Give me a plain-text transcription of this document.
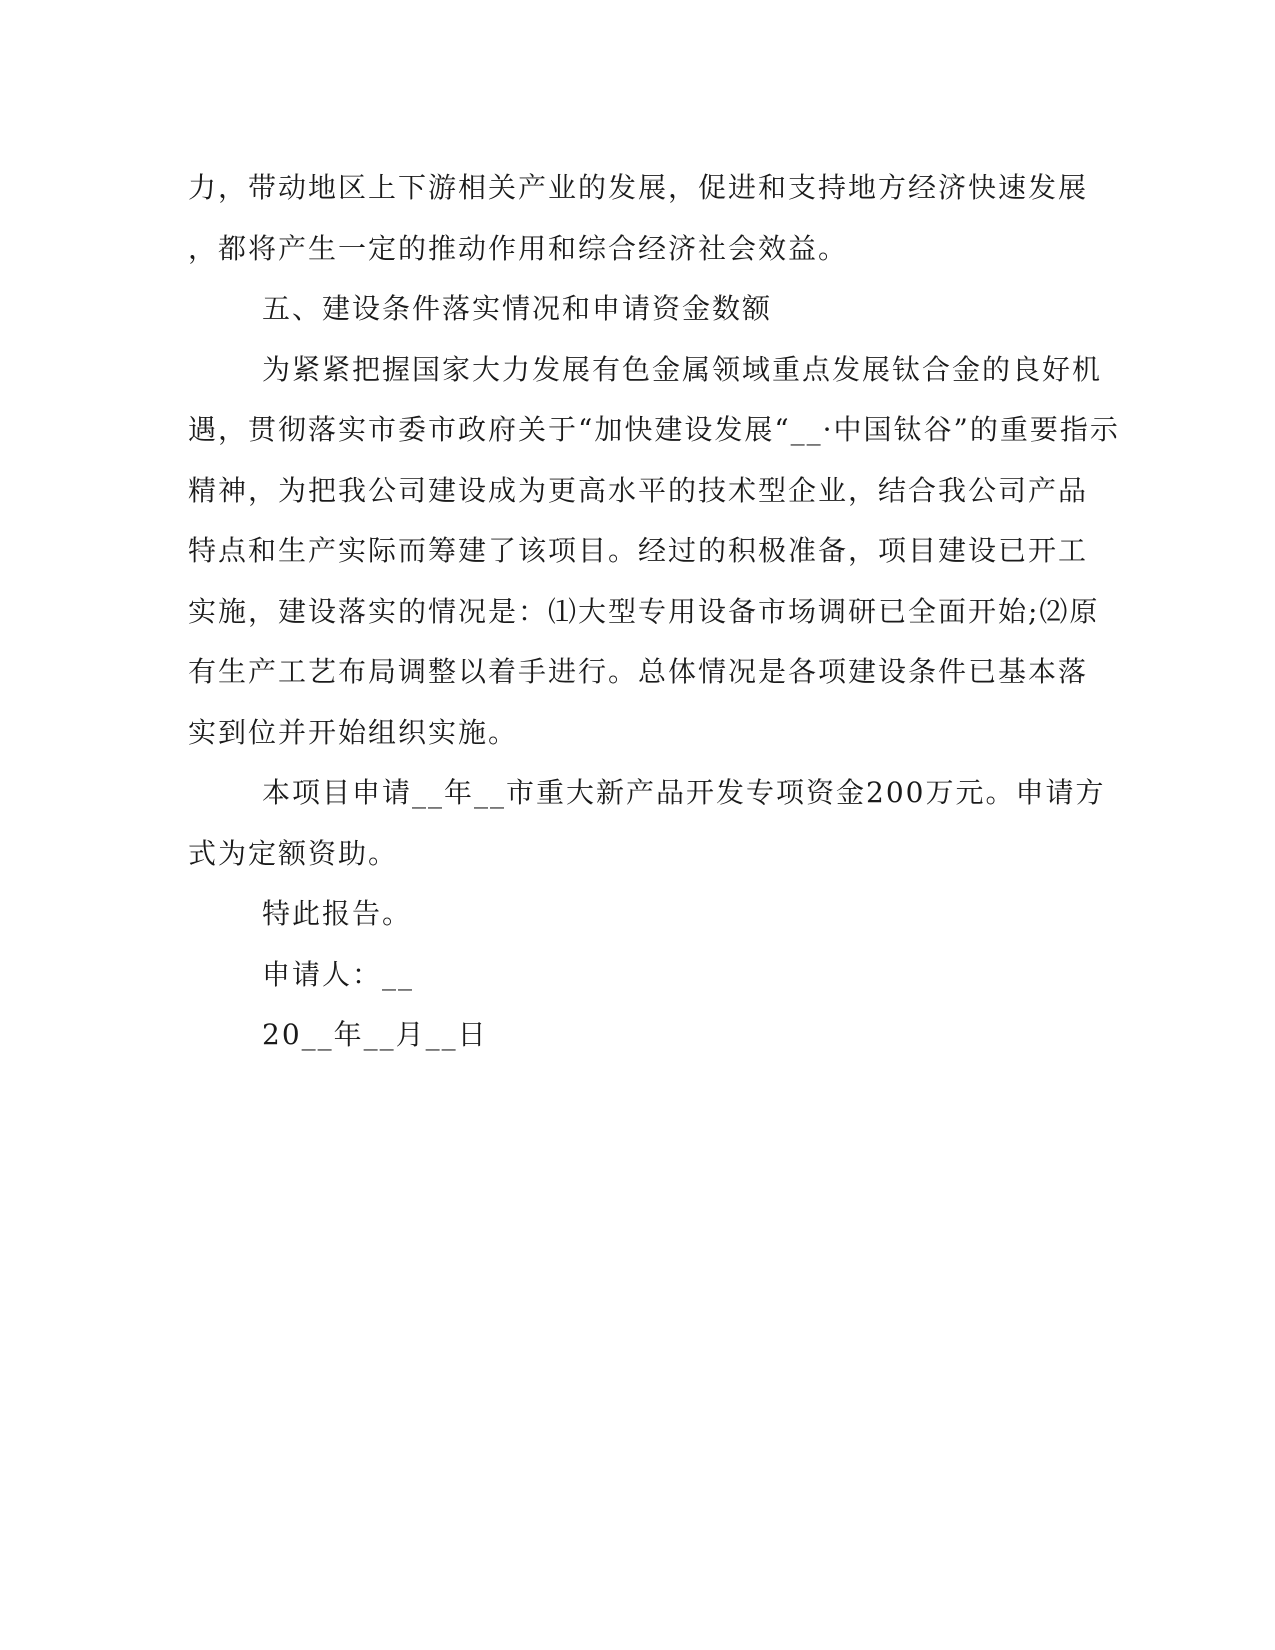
力，带动地区上下游相关产业的发展，促进和支持地方经济快速发展
，都将产生一定的推动作用和综合经济社会效益。
五、建设条件落实情况和申请资金数额
为紧紧把握国家大力发展有色金属领域重点发展钛合金的良好机
遇，贯彻落实市委市政府关于“加快建设发展“__·中国钛谷”的重要指示
精神，为把我公司建设成为更高水平的技术型企业，结合我公司产品
特点和生产实际而筹建了该项目。经过的积极准备，项目建设已开工
实施，建设落实的情况是：⑴大型专用设备市场调研已全面开始;⑵原
有生产工艺布局调整以着手进行。总体情况是各项建设条件已基本落
实到位并开始组织实施。
本项目申请__年__市重大新产品开发专项资金200万元。申请方
式为定额资助。
特此报告。
申请人：__
20__年__月__日
